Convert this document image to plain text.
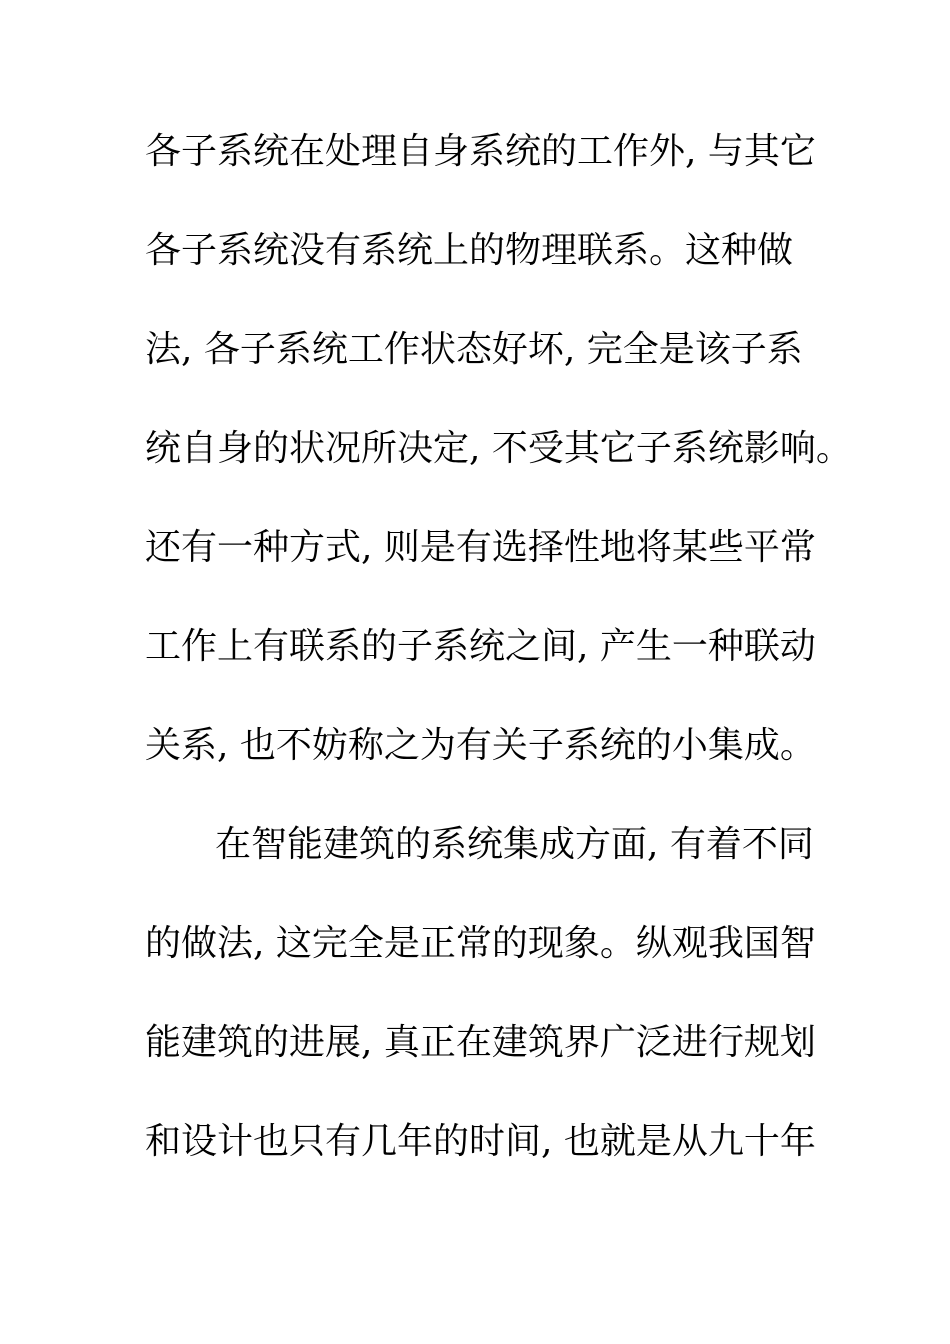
各子系统在处理自身系统的工作外, 与其它
各子系统没有系统上的物理联系。这种做
法, 各子系统工作状态好坏, 完全是该子系
统自身的状况所决定, 不受其它子系统影响。
还有一种方式, 则是有选择性地将某些平常
工作上有联系的子系统之间, 产生一种联动
关系, 也不妨称之为有关子系统的小集成。
在智能建筑的系统集成方面, 有着不同
的做法, 这完全是正常的现象。纵观我国智
能建筑的进展, 真正在建筑界广泛进行规划
和设计也只有几年的时间, 也就是从九十年
